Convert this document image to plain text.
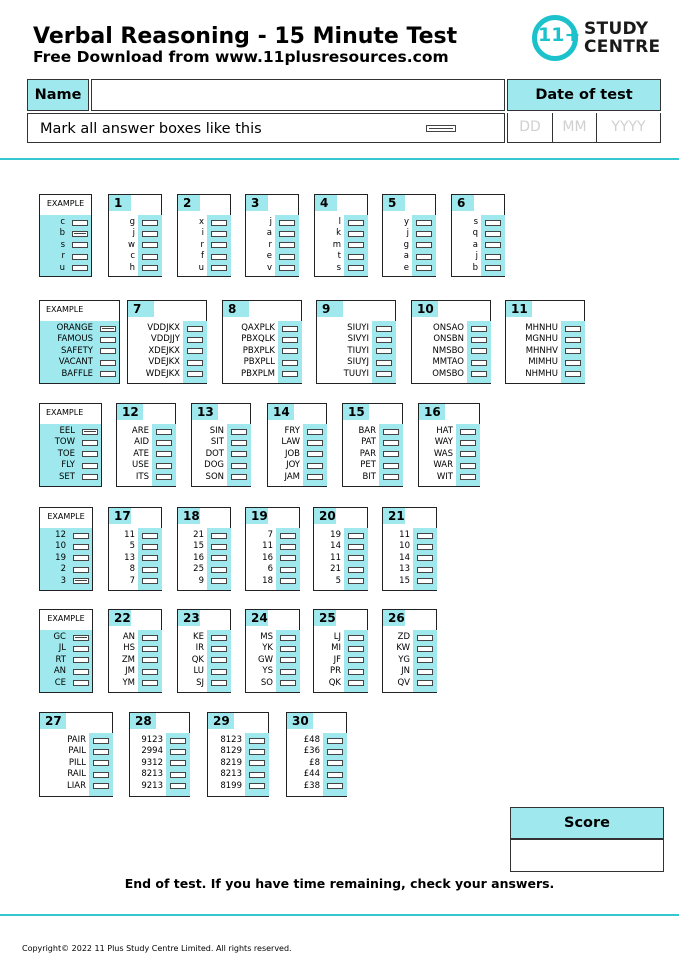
Verbal Reasoning - 15 Minute Test
Free Download from www.11plusresources.com
11+ STUDY
CENTRE
Name
Mark all answer boxes like this
Date of test
DD	MM	YYYY
EXAMPLE
c
b
s
r
u
1
g
j
w
c
h
2
x
i
r
f
u
3
j
a
r
e
v
4
l
k
m
t
s
5
y
j
g
a
e
6
s
q
a
j
b
EXAMPLE
ORANGE
FAMOUS
SAFETY
VACANT
BAFFLE
7
VDDJKX
VDDJJY
XDEJKX
VDEJKX
WDEJKX
8
QAXPLK
PBXQLK
PBXPLK
PBXPLL
PBXPLM
9
SIUYI
SIVYI
TIUYI
SIUYJ
TUUYI
10
ONSAO
ONSBN
NMSBO
MMTAO
OMSBO
11
MHNHU
MGNHU
MHNHV
MIMHU
NHMHU
EXAMPLE
EEL
TOW
TOE
FLY
SET
12
ARE
AID
ATE
USE
ITS
13
SIN
SIT
DOT
DOG
SON
14
FRY
LAW
JOB
JOY
JAM
15
BAR
PAT
PAR
PET
BIT
16
HAT
WAY
WAS
WAR
WIT
EXAMPLE
12
10
19
2
3
17
11
5
13
8
7
18
21
15
16
25
9
19
7
11
16
6
18
20
19
14
11
21
5
21
11
10
14
13
15
EXAMPLE
GC
JL
RT
AN
CE
22
AN
HS
ZM
JM
YM
23
KE
IR
QK
LU
SJ
24
MS
YK
GW
YS
SO
25
LJ
MI
JF
PR
QK
26
ZD
KW
YG
JN
QV
27
PAIR
PAIL
PILL
RAIL
LIAR
28
9123
2994
9312
8213
9213
29
8123
8129
8219
8213
8199
30
£48
£36
£8
£44
£38
Score
End of test. If you have time remaining, check your answers.
Copyright© 2022 11 Plus Study Centre Limited. All rights reserved.
